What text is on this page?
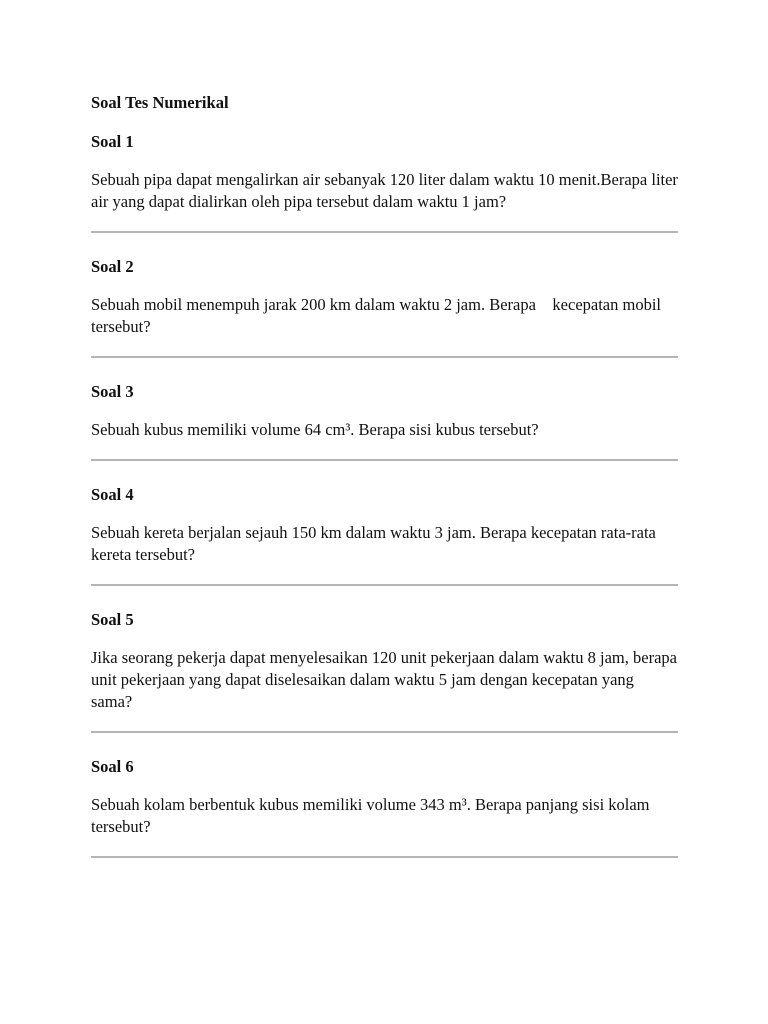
Soal Tes Numerikal
Soal 1

Sebuah pipa dapat mengalirkan air sebanyak 120 liter dalam waktu 10 menit.Berapa liter air yang dapat dialirkan oleh pipa tersebut dalam waktu 1 jam?

Soal 2

Sebuah mobil menempuh jarak 200 km dalam waktu 2 jam. Berapa    kecepatan mobil tersebut?

Soal 3

Sebuah kubus memiliki volume 64 cm³. Berapa sisi kubus tersebut?

Soal 4

Sebuah kereta berjalan sejauh 150 km dalam waktu 3 jam. Berapa kecepatan rata-rata kereta tersebut?

Soal 5

Jika seorang pekerja dapat menyelesaikan 120 unit pekerjaan dalam waktu 8 jam, berapa unit pekerjaan yang dapat diselesaikan dalam waktu 5 jam dengan kecepatan yang sama?

Soal 6

Sebuah kolam berbentuk kubus memiliki volume 343 m³. Berapa panjang sisi kolam tersebut?
